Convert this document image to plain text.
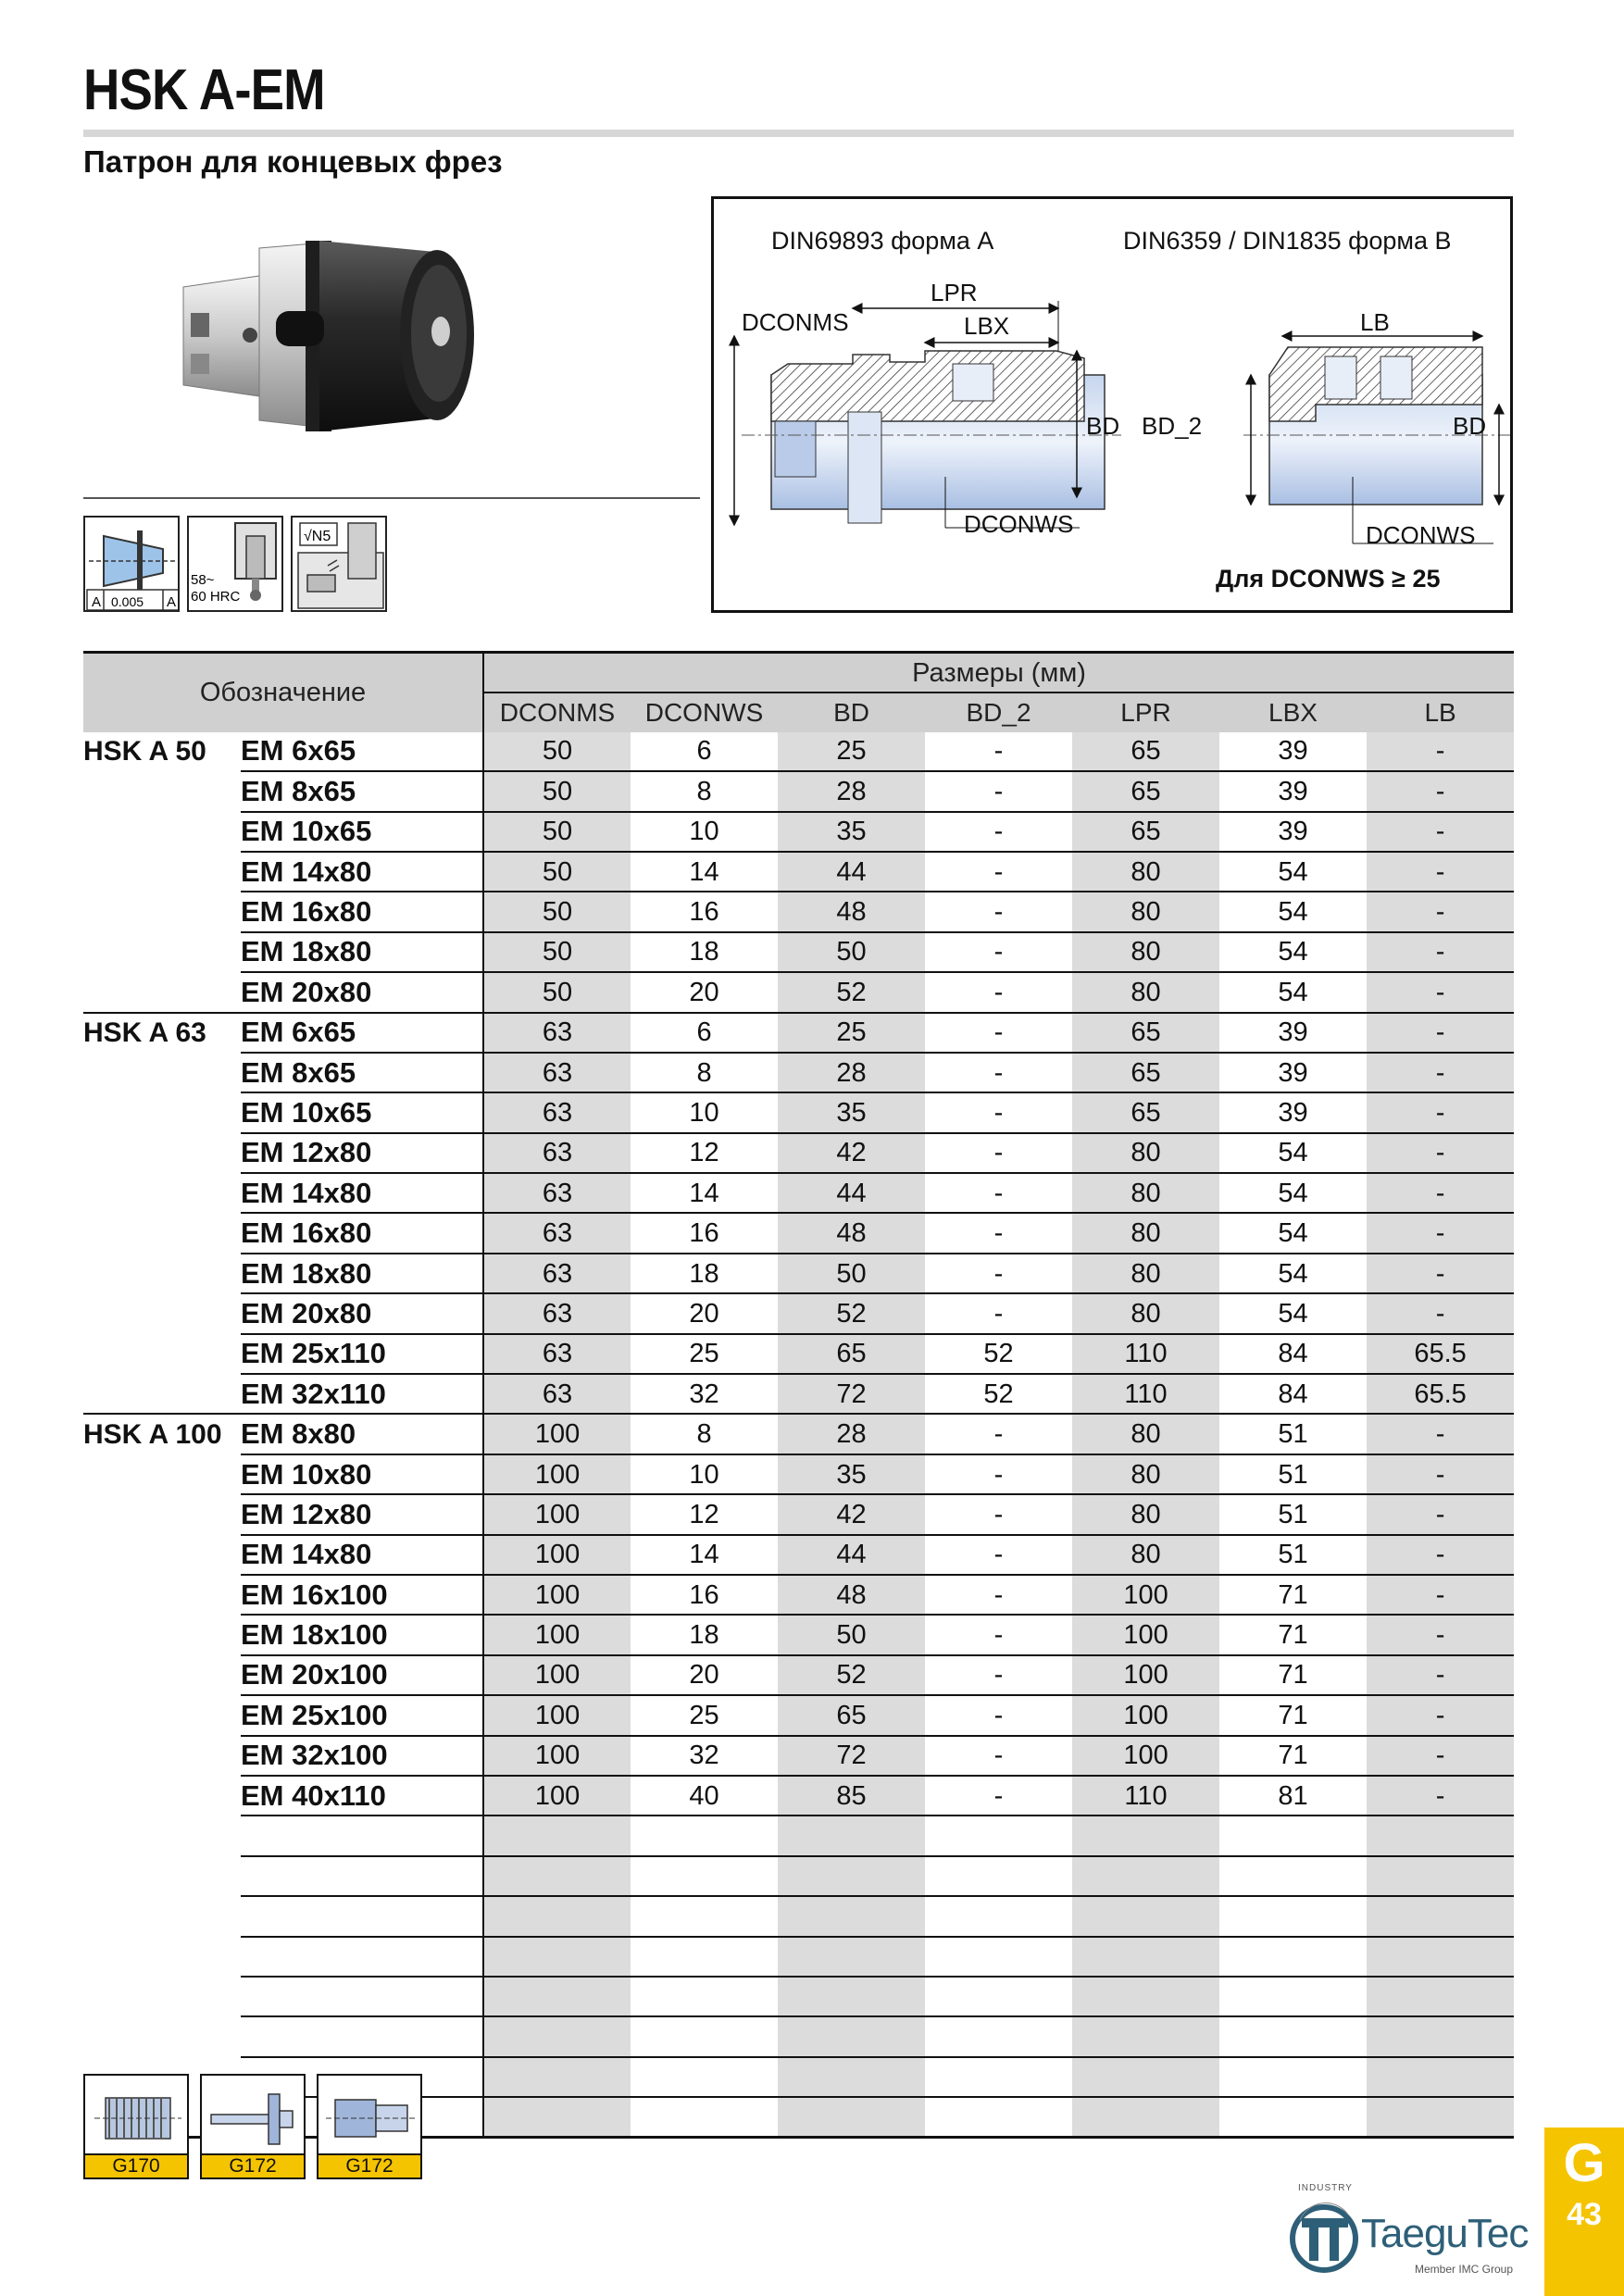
HSK A-EM
Патрон для концевых фрез
A 0.005 A
58~
60 HRC
√N5
DIN69893 форма A	DIN6359 / DIN1835 форма B
LPR
DCONMS	LBX
BD BD_2
DCONWS
LB
BD
DCONWS
Для DCONWS ≥ 25
Обозначение		Размеры (мм)						
		DCONMS	DCONWS	BD	BD_2	LPR	LBX	LB
HSK A 50	EM 6x65	50	6	25	-	65	39	-
	EM 8x65	50	8	28	-	65	39	-
	EM 10x65	50	10	35	-	65	39	-
	EM 14x80	50	14	44	-	80	54	-
	EM 16x80	50	16	48	-	80	54	-
	EM 18x80	50	18	50	-	80	54	-
	EM 20x80	50	20	52	-	80	54	-
HSK A 63	EM 6x65	63	6	25	-	65	39	-
	EM 8x65	63	8	28	-	65	39	-
	EM 10x65	63	10	35	-	65	39	-
	EM 12x80	63	12	42	-	80	54	-
	EM 14x80	63	14	44	-	80	54	-
	EM 16x80	63	16	48	-	80	54	-
	EM 18x80	63	18	50	-	80	54	-
	EM 20x80	63	20	52	-	80	54	-
	EM 25x110	63	25	65	52	110	84	65.5
	EM 32x110	63	32	72	52	110	84	65.5
HSK A 100	EM 8x80	100	8	28	-	80	51	-
	EM 10x80	100	10	35	-	80	51	-
	EM 12x80	100	12	42	-	80	51	-
	EM 14x80	100	14	44	-	80	51	-
	EM 16x100	100	16	48	-	100	71	-
	EM 18x100	100	18	50	-	100	71	-
	EM 20x100	100	20	52	-	100	71	-
	EM 25x100	100	25	65	-	100	71	-
	EM 32x100	100	32	72	-	100	71	-
	EM 40x110	100	40	85	-	110	81	-

G170	G172	G172
TaeguTec
Member IMC Group
INDUSTRY	G
43
